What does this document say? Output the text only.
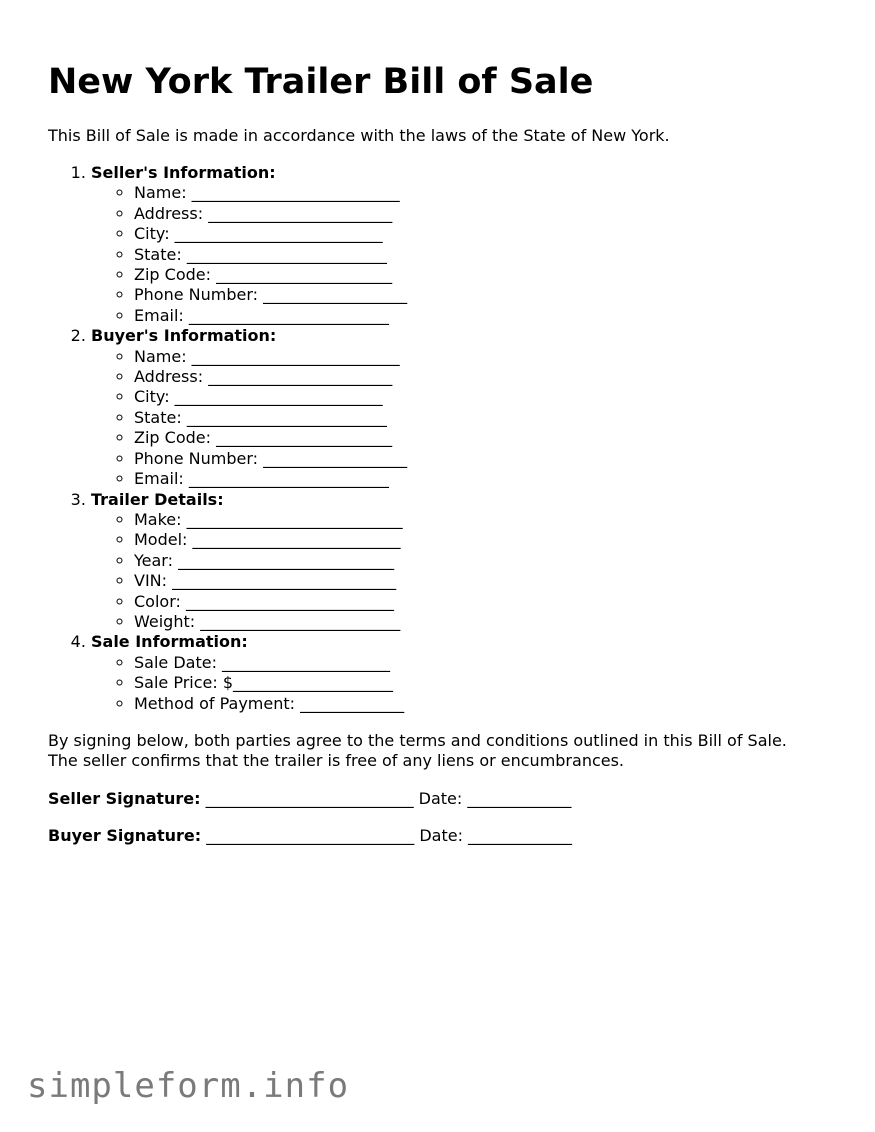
New York Trailer Bill of Sale

This Bill of Sale is made in accordance with the laws of the State of New York.

1. Seller's Information:
◦ Name: __________________________
◦ Address: _______________________
◦ City: __________________________
◦ State: _________________________
◦ Zip Code: ______________________
◦ Phone Number: __________________
◦ Email: _________________________
2. Buyer's Information:
◦ Name: __________________________
◦ Address: _______________________
◦ City: __________________________
◦ State: _________________________
◦ Zip Code: ______________________
◦ Phone Number: __________________
◦ Email: _________________________
3. Trailer Details:
◦ Make: ___________________________
◦ Model: __________________________
◦ Year: ___________________________
◦ VIN: ____________________________
◦ Color: __________________________
◦ Weight: _________________________
4. Sale Information:
◦ Sale Date: _____________________
◦ Sale Price: $____________________
◦ Method of Payment: _____________

By signing below, both parties agree to the terms and conditions outlined in this Bill of Sale. The seller confirms that the trailer is free of any liens or encumbrances.

Seller Signature: __________________________ Date: _____________

Buyer Signature: __________________________ Date: _____________

simpleform.info
